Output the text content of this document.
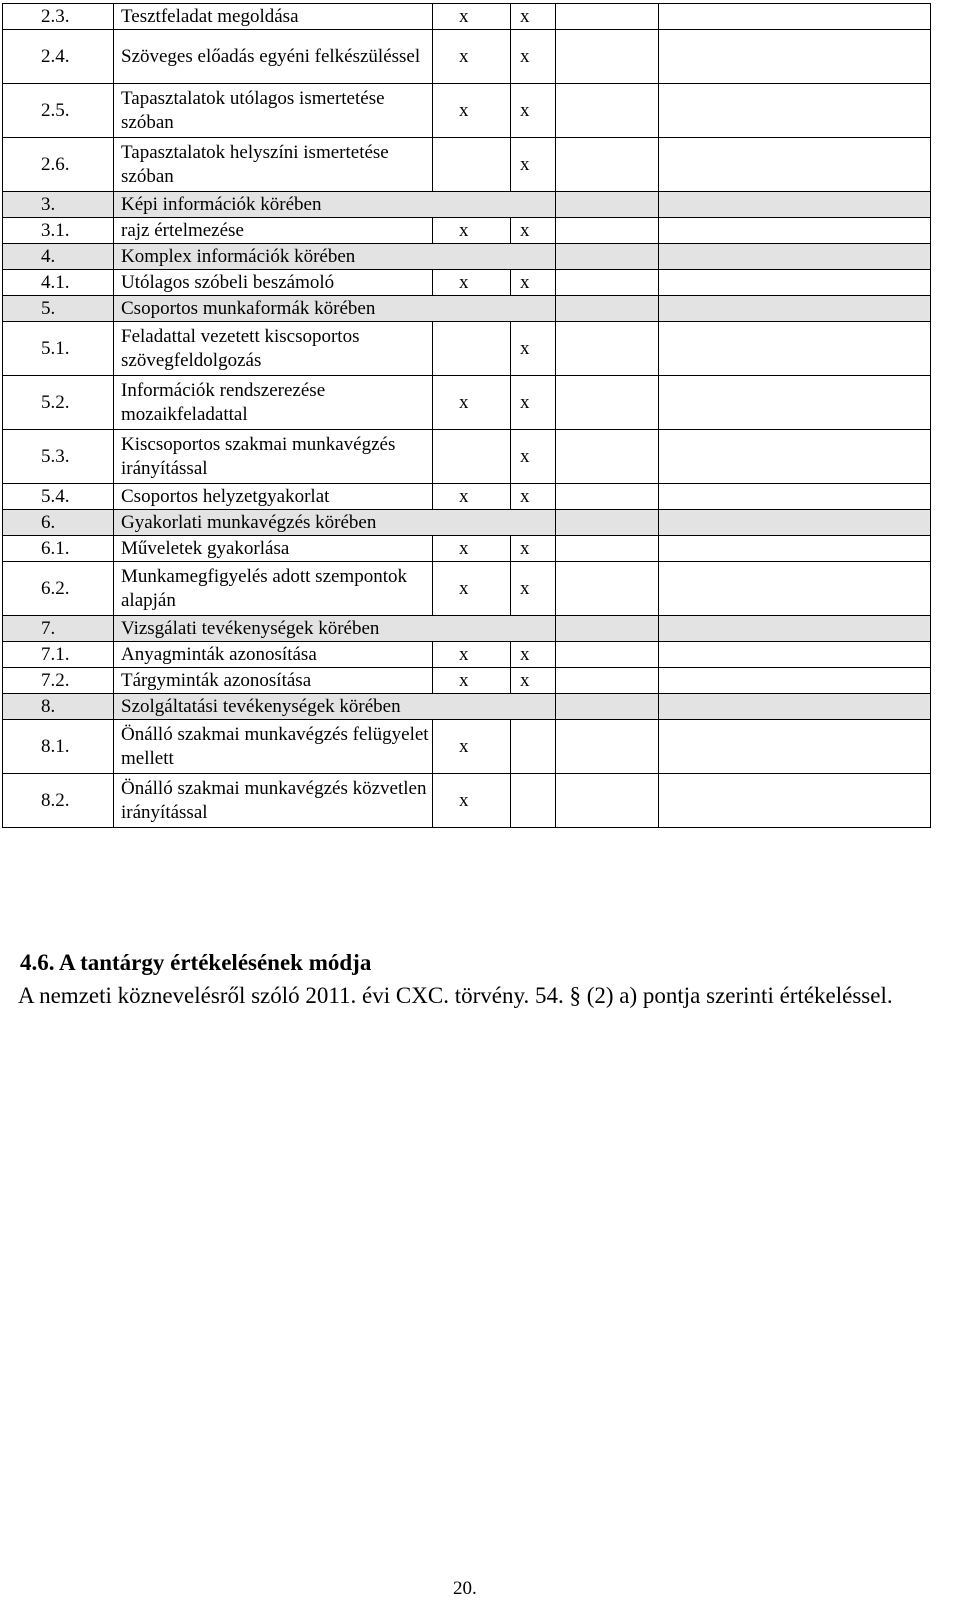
2.3.	Tesztfeladat megoldása	x	x		
2.4.	Szöveges előadás egyéni felkészüléssel	x	x		
2.5.	Tapasztalatok utólagos ismertetése szóban	x	x		
2.6.	Tapasztalatok helyszíni ismertetése szóban		x		
3.	Képi információk körében				
3.1.	rajz értelmezése	x	x		
4.	Komplex információk körében				
4.1.	Utólagos szóbeli beszámoló	x	x		
5.	Csoportos munkaformák körében				
5.1.	Feladattal vezetett kiscsoportos szövegfeldolgozás		x		
5.2.	Információk rendszerezése mozaikfeladattal	x	x		
5.3.	Kiscsoportos szakmai munkavégzés irányítással		x		
5.4.	Csoportos helyzetgyakorlat	x	x		
6.	Gyakorlati munkavégzés körében				
6.1.	Műveletek gyakorlása	x	x		
6.2.	Munkamegfigyelés adott szempontok alapján	x	x		
7.	Vizsgálati tevékenységek körében				
7.1.	Anyagminták azonosítása	x	x		
7.2.	Tárgyminták azonosítása	x	x		
8.	Szolgáltatási tevékenységek körében				
8.1.	Önálló szakmai munkavégzés felügyelet mellett	x			
8.2.	Önálló szakmai munkavégzés közvetlen irányítással	x			
4.6. A tantárgy értékelésének módja
A nemzeti köznevelésről szóló 2011. évi CXC. törvény. 54. § (2) a) pontja szerinti értékeléssel.
20.
